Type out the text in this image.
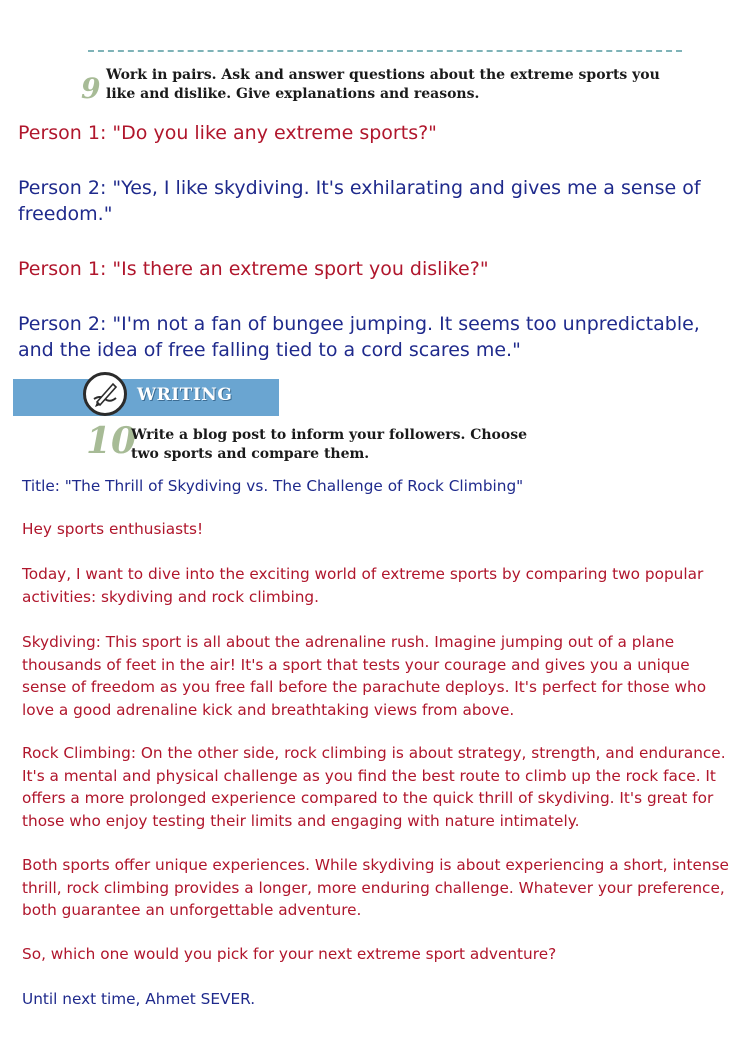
9 Work in pairs. Ask and answer questions about the extreme sports you like and dislike. Give explanations and reasons.
Person 1: "Do you like any extreme sports?"
Person 2: "Yes, I like skydiving. It's exhilarating and gives me a sense of freedom."
Person 1: "Is there an extreme sport you dislike?"
Person 2: "I'm not a fan of bungee jumping. It seems too unpredictable, and the idea of free falling tied to a cord scares me."
WRITING
10
Write a blog post to inform your followers. Choose two sports and compare them.
Title: "The Thrill of Skydiving vs. The Challenge of Rock Climbing"
Hey sports enthusiasts!
Today, I want to dive into the exciting world of extreme sports by comparing two popular activities: skydiving and rock climbing.
Skydiving: This sport is all about the adrenaline rush. Imagine jumping out of a plane thousands of feet in the air! It's a sport that tests your courage and gives you a unique sense of freedom as you free fall before the parachute deploys. It's perfect for those who love a good adrenaline kick and breathtaking views from above.
Rock Climbing: On the other side, rock climbing is about strategy, strength, and endurance. It's a mental and physical challenge as you find the best route to climb up the rock face. It offers a more prolonged experience compared to the quick thrill of skydiving. It's great for those who enjoy testing their limits and engaging with nature intimately.
Both sports offer unique experiences. While skydiving is about experiencing a short, intense thrill, rock climbing provides a longer, more enduring challenge. Whatever your preference, both guarantee an unforgettable adventure.
So, which one would you pick for your next extreme sport adventure?
Until next time, Ahmet SEVER.
